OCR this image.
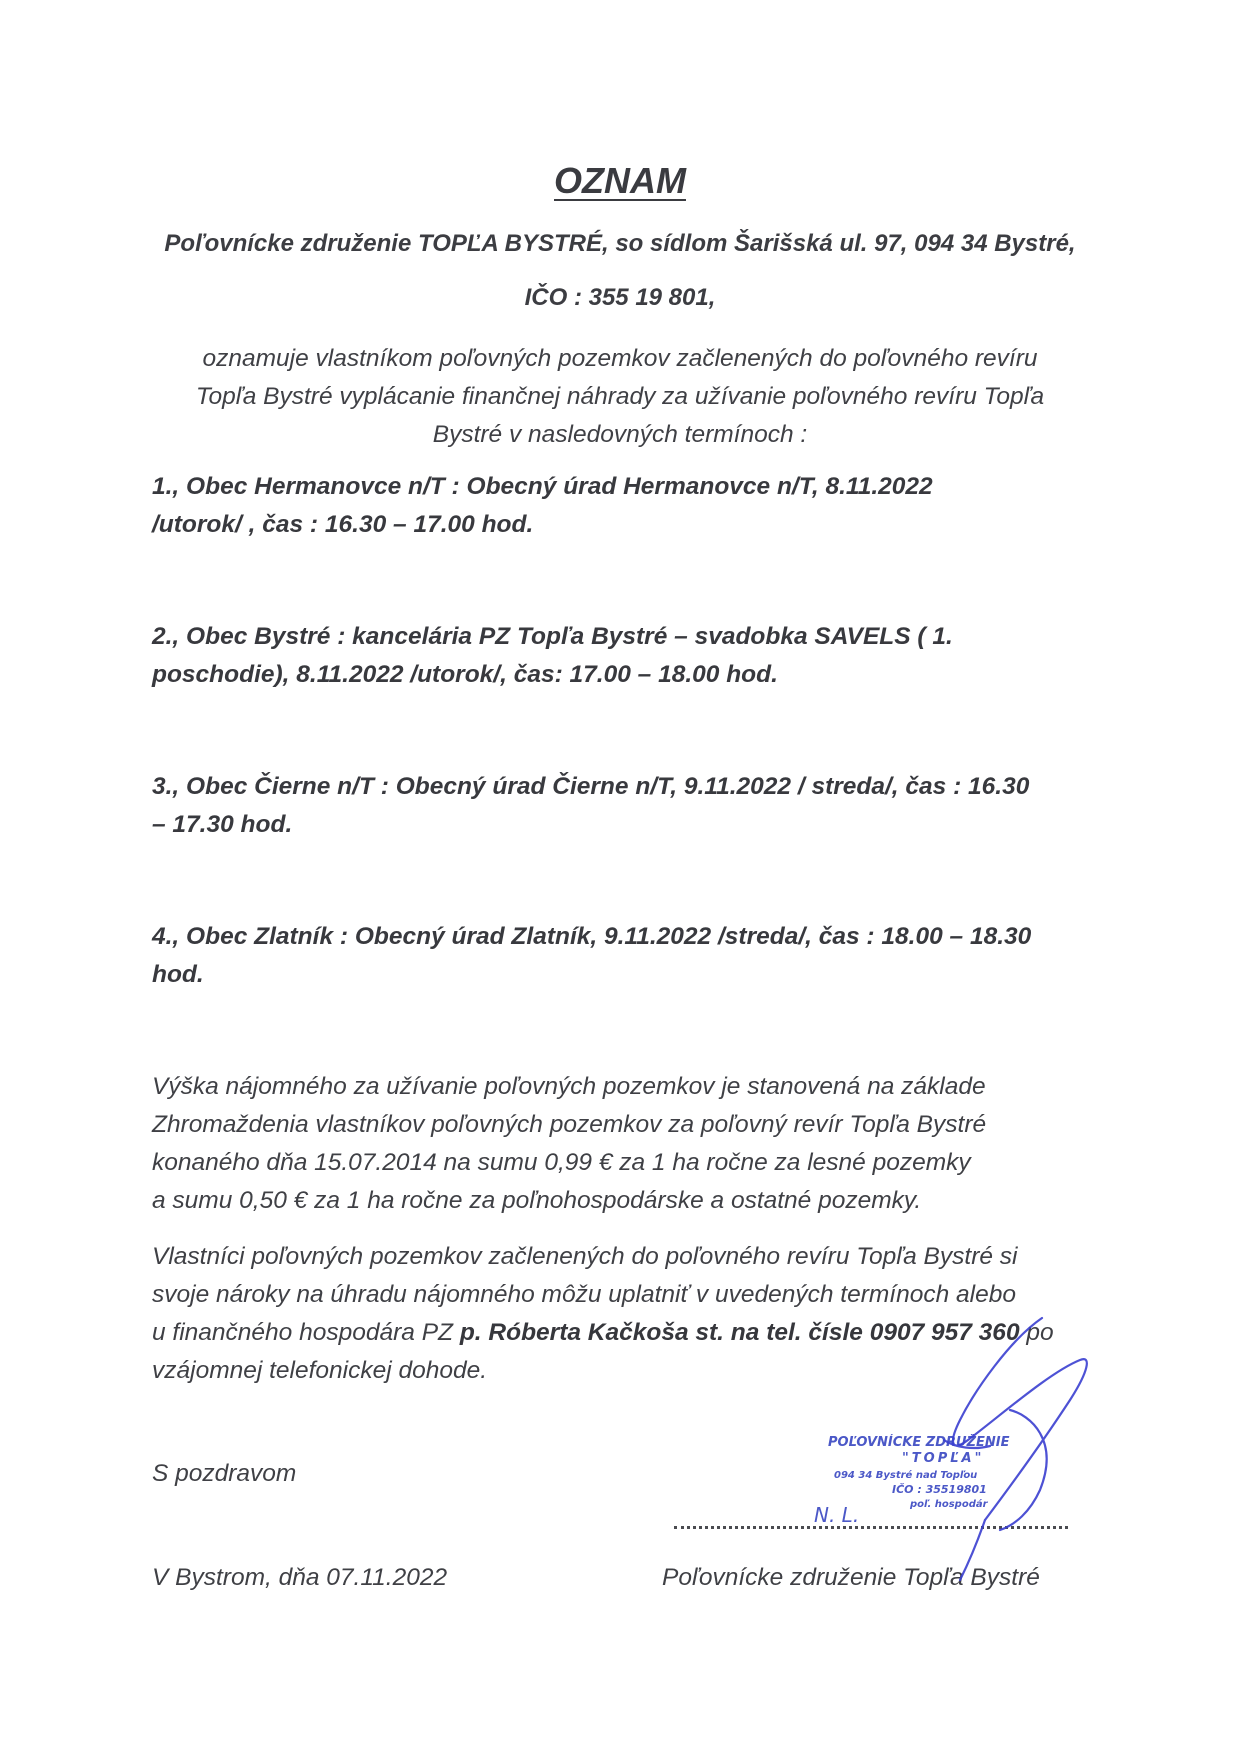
OZNAM
Poľovnícke združenie TOPĽA BYSTRÉ, so sídlom Šarišská ul. 97, 094 34 Bystré,
IČO : 355 19 801,
oznamuje vlastníkom poľovných pozemkov začlenených do poľovného revíru
Topľa Bystré vyplácanie finančnej náhrady za užívanie poľovného revíru Topľa
Bystré v nasledovných termínoch :
1., Obec Hermanovce n/T : Obecný úrad Hermanovce n/T, 8.11.2022
/utorok/ , čas : 16.30 – 17.00 hod.
2., Obec Bystré : kancelária PZ Topľa Bystré – svadobka SAVELS ( 1.
poschodie), 8.11.2022 /utorok/, čas: 17.00 – 18.00 hod.
3., Obec Čierne n/T : Obecný úrad Čierne n/T, 9.11.2022 / streda/, čas : 16.30
– 17.30 hod.
4., Obec Zlatník : Obecný úrad Zlatník, 9.11.2022 /streda/, čas : 18.00 – 18.30
hod.
Výška nájomného za užívanie poľovných pozemkov je stanovená na základe
Zhromaždenia vlastníkov poľovných pozemkov za poľovný revír Topľa Bystré
konaného dňa 15.07.2014 na sumu 0,99 € za 1 ha ročne za lesné pozemky
a sumu 0,50 € za 1 ha ročne za poľnohospodárske a ostatné pozemky.
Vlastníci poľovných pozemkov začlenených do poľovného revíru Topľa Bystré si
svoje nároky na úhradu nájomného môžu uplatniť v uvedených termínoch alebo
u finančného hospodára PZ p. Róberta Kačkoša st. na tel. čísle 0907 957 360 po
vzájomnej telefonickej dohode.
S pozdravom
V Bystrom, dňa 07.11.2022	Poľovnícke združenie Topľa Bystré
POĽOVNÍCKE ZDRUŽENIE
"TOPĽA"
094 34 Bystré nad Topľou
IČO : 35519801
poľ. hospodár
N. L.
